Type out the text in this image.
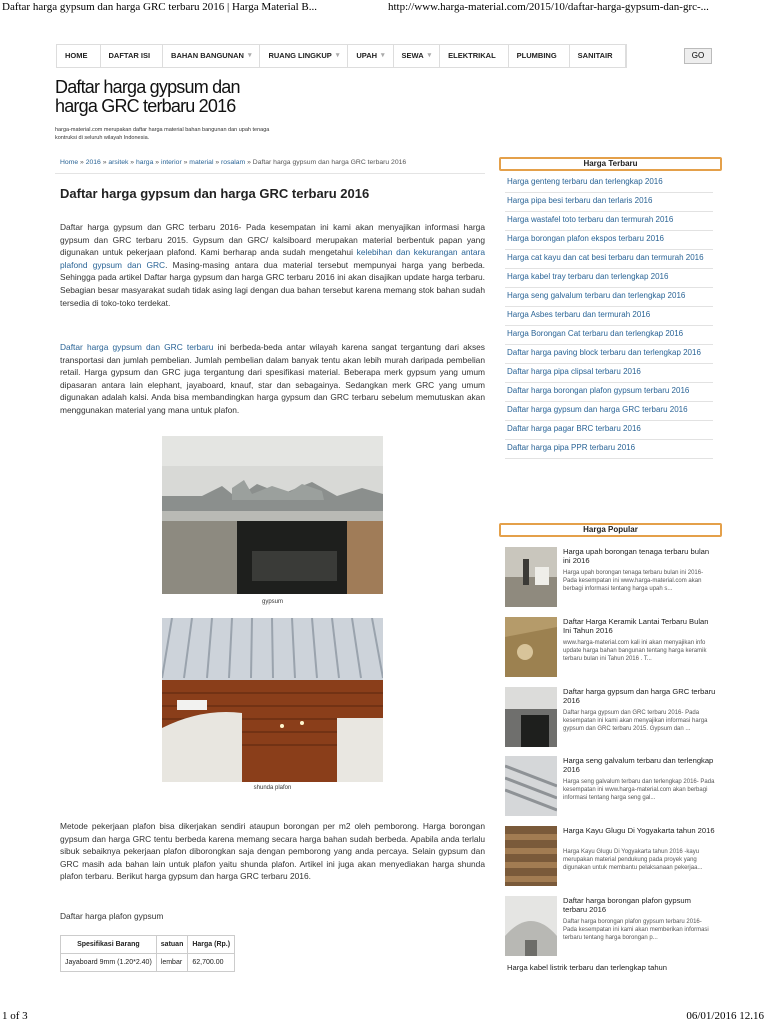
Daftar harga gypsum dan harga GRC terbaru 2016 | Harga Material B...	http://www.harga-material.com/2015/10/daftar-harga-gypsum-dan-grc-...
HOME	DAFTAR ISI	BAHAN BANGUNAN ▾ RUANG LINGKUP ▾ UPAH ▾ SEWA ▾ ELEKTRIKAL	PLUMBING	SANITAIR	GO
Daftar harga gypsum dan harga GRC terbaru 2016
harga-material.com merupakan daftar harga material bahan bangunan dan upah tenaga kontruksi di seluruh wilayah Indonesia.
Home » 2016 » arsitek » harga » interior » material » rosalam » Daftar harga gypsum dan harga GRC terbaru 2016
Daftar harga gypsum dan harga GRC terbaru 2016

Daftar harga gypsum dan GRC terbaru 2016- Pada kesempatan ini kami akan menyajikan informasi harga gypsum dan GRC terbaru 2015. Gypsum dan GRC/ kalsiboard merupakan material berbentuk papan yang digunakan untuk pekerjaan plafond. Kami berharap anda sudah mengetahui kelebihan dan kekurangan antara plafond gypsum dan GRC. Masing-masing antara dua material tersebut mempunyai harga yang berbeda. Sehingga pada artikel Daftar harga gypsum dan harga GRC terbaru 2016 ini akan disajikan update harga terbaru. Sebagian besar masyarakat sudah tidak asing lagi dengan dua bahan tersebut karena memang stok bahan sudah tersedia di toko-toko terdekat.

Daftar harga gypsum dan GRC terbaru ini berbeda-beda antar wilayah karena sangat tergantung dari akses transportasi dan jumlah pembelian. Jumlah pembelian dalam banyak tentu akan lebih murah daripada pembelian retail. Harga gypsum dan GRC juga tergantung dari spesifikasi material. Beberapa merk gypsum yang umum dipasaran antara lain elephant, jayaboard, knauf, star dan sebagainya. Sedangkan merk GRC yang umum digunakan adalah kalsi. Anda bisa membandingkan harga gypsum dan GRC terbaru sebelum memutuskan akan menggunakan material yang mana untuk plafon.

gypsum
shunda plafon

Metode pekerjaan plafon bisa dikerjakan sendiri ataupun borongan per m2 oleh pemborong. Harga borongan gypsum dan harga GRC tentu berbeda karena memang secara harga bahan sudah berbeda. Apabila anda terlalu sibuk sebaiknya pekerjaan plafon diborongkan saja dengan pemborong yang anda percaya. Selain gypsum dan GRC masih ada bahan lain untuk plafon yaitu shunda plafon. Artikel ini juga akan menyediakan harga shunda plafon terbaru. Berikut harga gypsum dan harga GRC terbaru 2016.

Daftar harga plafon gypsum

Spesifikasi Barang	satuan	Harga (Rp.)
Jayaboard 9mm (1.20*2.40)	lembar	62,700.00
Harga Terbaru
Harga genteng terbaru dan terlengkap 2016
Harga pipa besi terbaru dan terlaris 2016
Harga wastafel toto terbaru dan termurah 2016
Harga borongan plafon ekspos terbaru 2016
Harga cat kayu dan cat besi terbaru dan termurah 2016
Harga kabel tray terbaru dan terlengkap 2016
Harga seng galvalum terbaru dan terlengkap 2016
Harga Asbes terbaru dan termurah 2016
Harga Borongan Cat terbaru dan terlengkap 2016
Daftar harga paving block terbaru dan terlengkap 2016
Daftar harga pipa clipsal terbaru 2016
Daftar harga borongan plafon gypsum terbaru 2016
Daftar harga gypsum dan harga GRC terbaru 2016
Daftar harga pagar BRC terbaru 2016
Daftar harga pipa PPR terbaru 2016
Harga Popular
Harga upah borongan tenaga terbaru bulan ini 2016
Harga upah borongan tenaga terbaru bulan ini 2016- Pada kesempatan ini www.harga-material.com akan berbagi informasi tentang harga upah s...
Daftar Harga Keramik Lantai Terbaru Bulan Ini Tahun 2016
www.harga-material.com kali ini akan menyajikan info update harga bahan bangunan tentang harga keramik terbaru bulan ini Tahun 2016 . T...
Daftar harga gypsum dan harga GRC terbaru 2016
Daftar harga gypsum dan GRC terbaru 2016- Pada kesempatan ini kami akan menyajikan informasi harga gypsum dan GRC terbaru 2015. Gypsum dan ...
Harga seng galvalum terbaru dan terlengkap 2016
Harga seng galvalum terbaru dan terlengkap 2016- Pada kesempatan ini www.harga-material.com akan berbagi informasi tentang harga seng gal...
Harga Kayu Glugu Di Yogyakarta tahun 2016
Harga Kayu Glugu Di Yogyakarta tahun 2016 -kayu merupakan material pendukung pada proyek yang digunakan untuk membantu pelaksanaan pekerjaa...
Daftar harga borongan plafon gypsum terbaru 2016
Daftar harga borongan plafon gypsum terbaru 2016- Pada kesempatan ini kami akan memberikan informasi terbaru tentang harga borongan p...
Harga kabel listrik terbaru dan terlengkap tahun
1 of 3	06/01/2016 12.16
